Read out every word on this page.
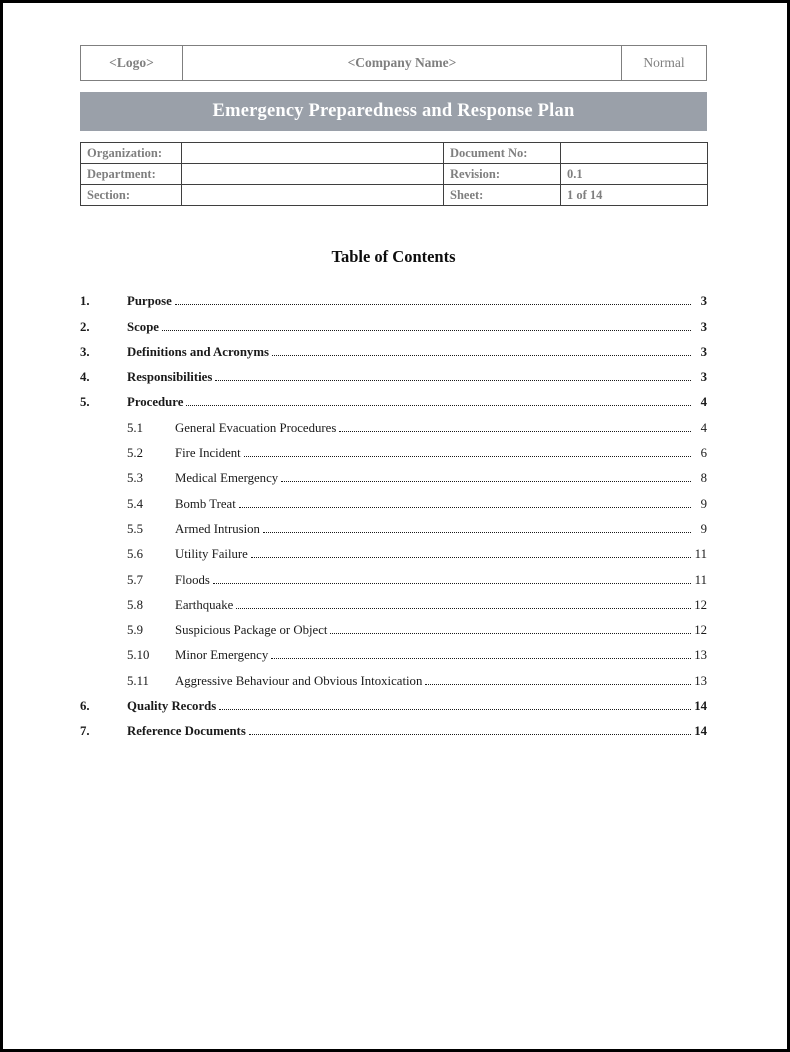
<Logo>	<Company Name>	Normal
Emergency Preparedness and Response Plan
Organization:		Document No:	
Department:		Revision:	0.1
Section:		Sheet:	1 of 14
Table of Contents
1.	Purpose	3
2.	Scope	3
3.	Definitions and Acronyms	3
4.	Responsibilities	3
5.	Procedure	4
5.1	General Evacuation Procedures	4
5.2	Fire Incident	6
5.3	Medical Emergency	8
5.4	Bomb Treat	9
5.5	Armed Intrusion	9
5.6	Utility Failure	11
5.7	Floods	11
5.8	Earthquake	12
5.9	Suspicious Package or Object	12
5.10	Minor Emergency	13
5.11	Aggressive Behaviour and Obvious Intoxication	13
6.	Quality Records	14
7.	Reference Documents	14
